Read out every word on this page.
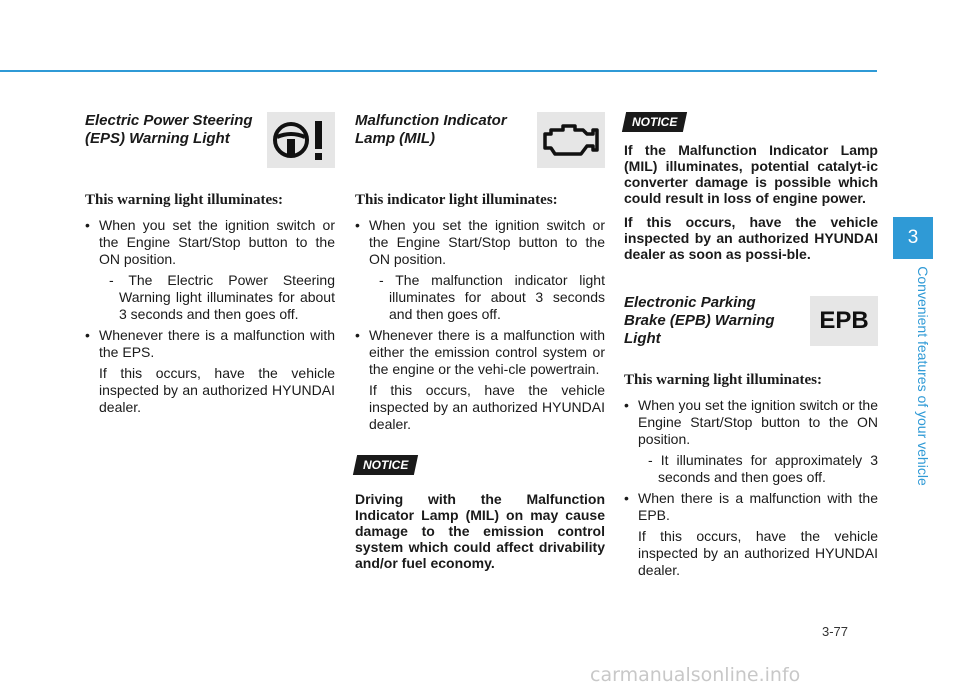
Electric Power Steering
(EPS) Warning Light

This warning light illuminates:

• When you set the ignition switch or the Engine Start/Stop button to the ON position.
- The Electric Power Steering Warning light illuminates for about 3 seconds and then goes off.
• Whenever there is a malfunction with the EPS.
If this occurs, have the vehicle inspected by an authorized HYUNDAI dealer.

Malfunction Indicator
Lamp (MIL)

This indicator light illuminates:

• When you set the ignition switch or the Engine Start/Stop button to the ON position.
- The malfunction indicator light illuminates for about 3 seconds and then goes off.
• Whenever there is a malfunction with either the emission control system or the engine or the vehi-cle powertrain.
If this occurs, have the vehicle inspected by an authorized HYUNDAI dealer.
NOTICE

Driving with the Malfunction Indicator Lamp (MIL) on may cause damage to the emission control system which could affect drivability and/or fuel economy.

NOTICE

If the Malfunction Indicator Lamp (MIL) illuminates, potential catalyt-ic converter damage is possible which could result in loss of engine power.

If this occurs, have the vehicle inspected by an authorized HYUNDAI dealer as soon as possi-ble.

Electronic Parking
Brake (EPB) Warning
Light

EPB

This warning light illuminates:

• When you set the ignition switch or the Engine Start/Stop button to the ON position.
- It illuminates for approximately 3 seconds and then goes off.
• When there is a malfunction with the EPB.
If this occurs, have the vehicle inspected by an authorized HYUNDAI dealer.
3
Convenient features of your vehicle
3-77
carmanualsonline.info
